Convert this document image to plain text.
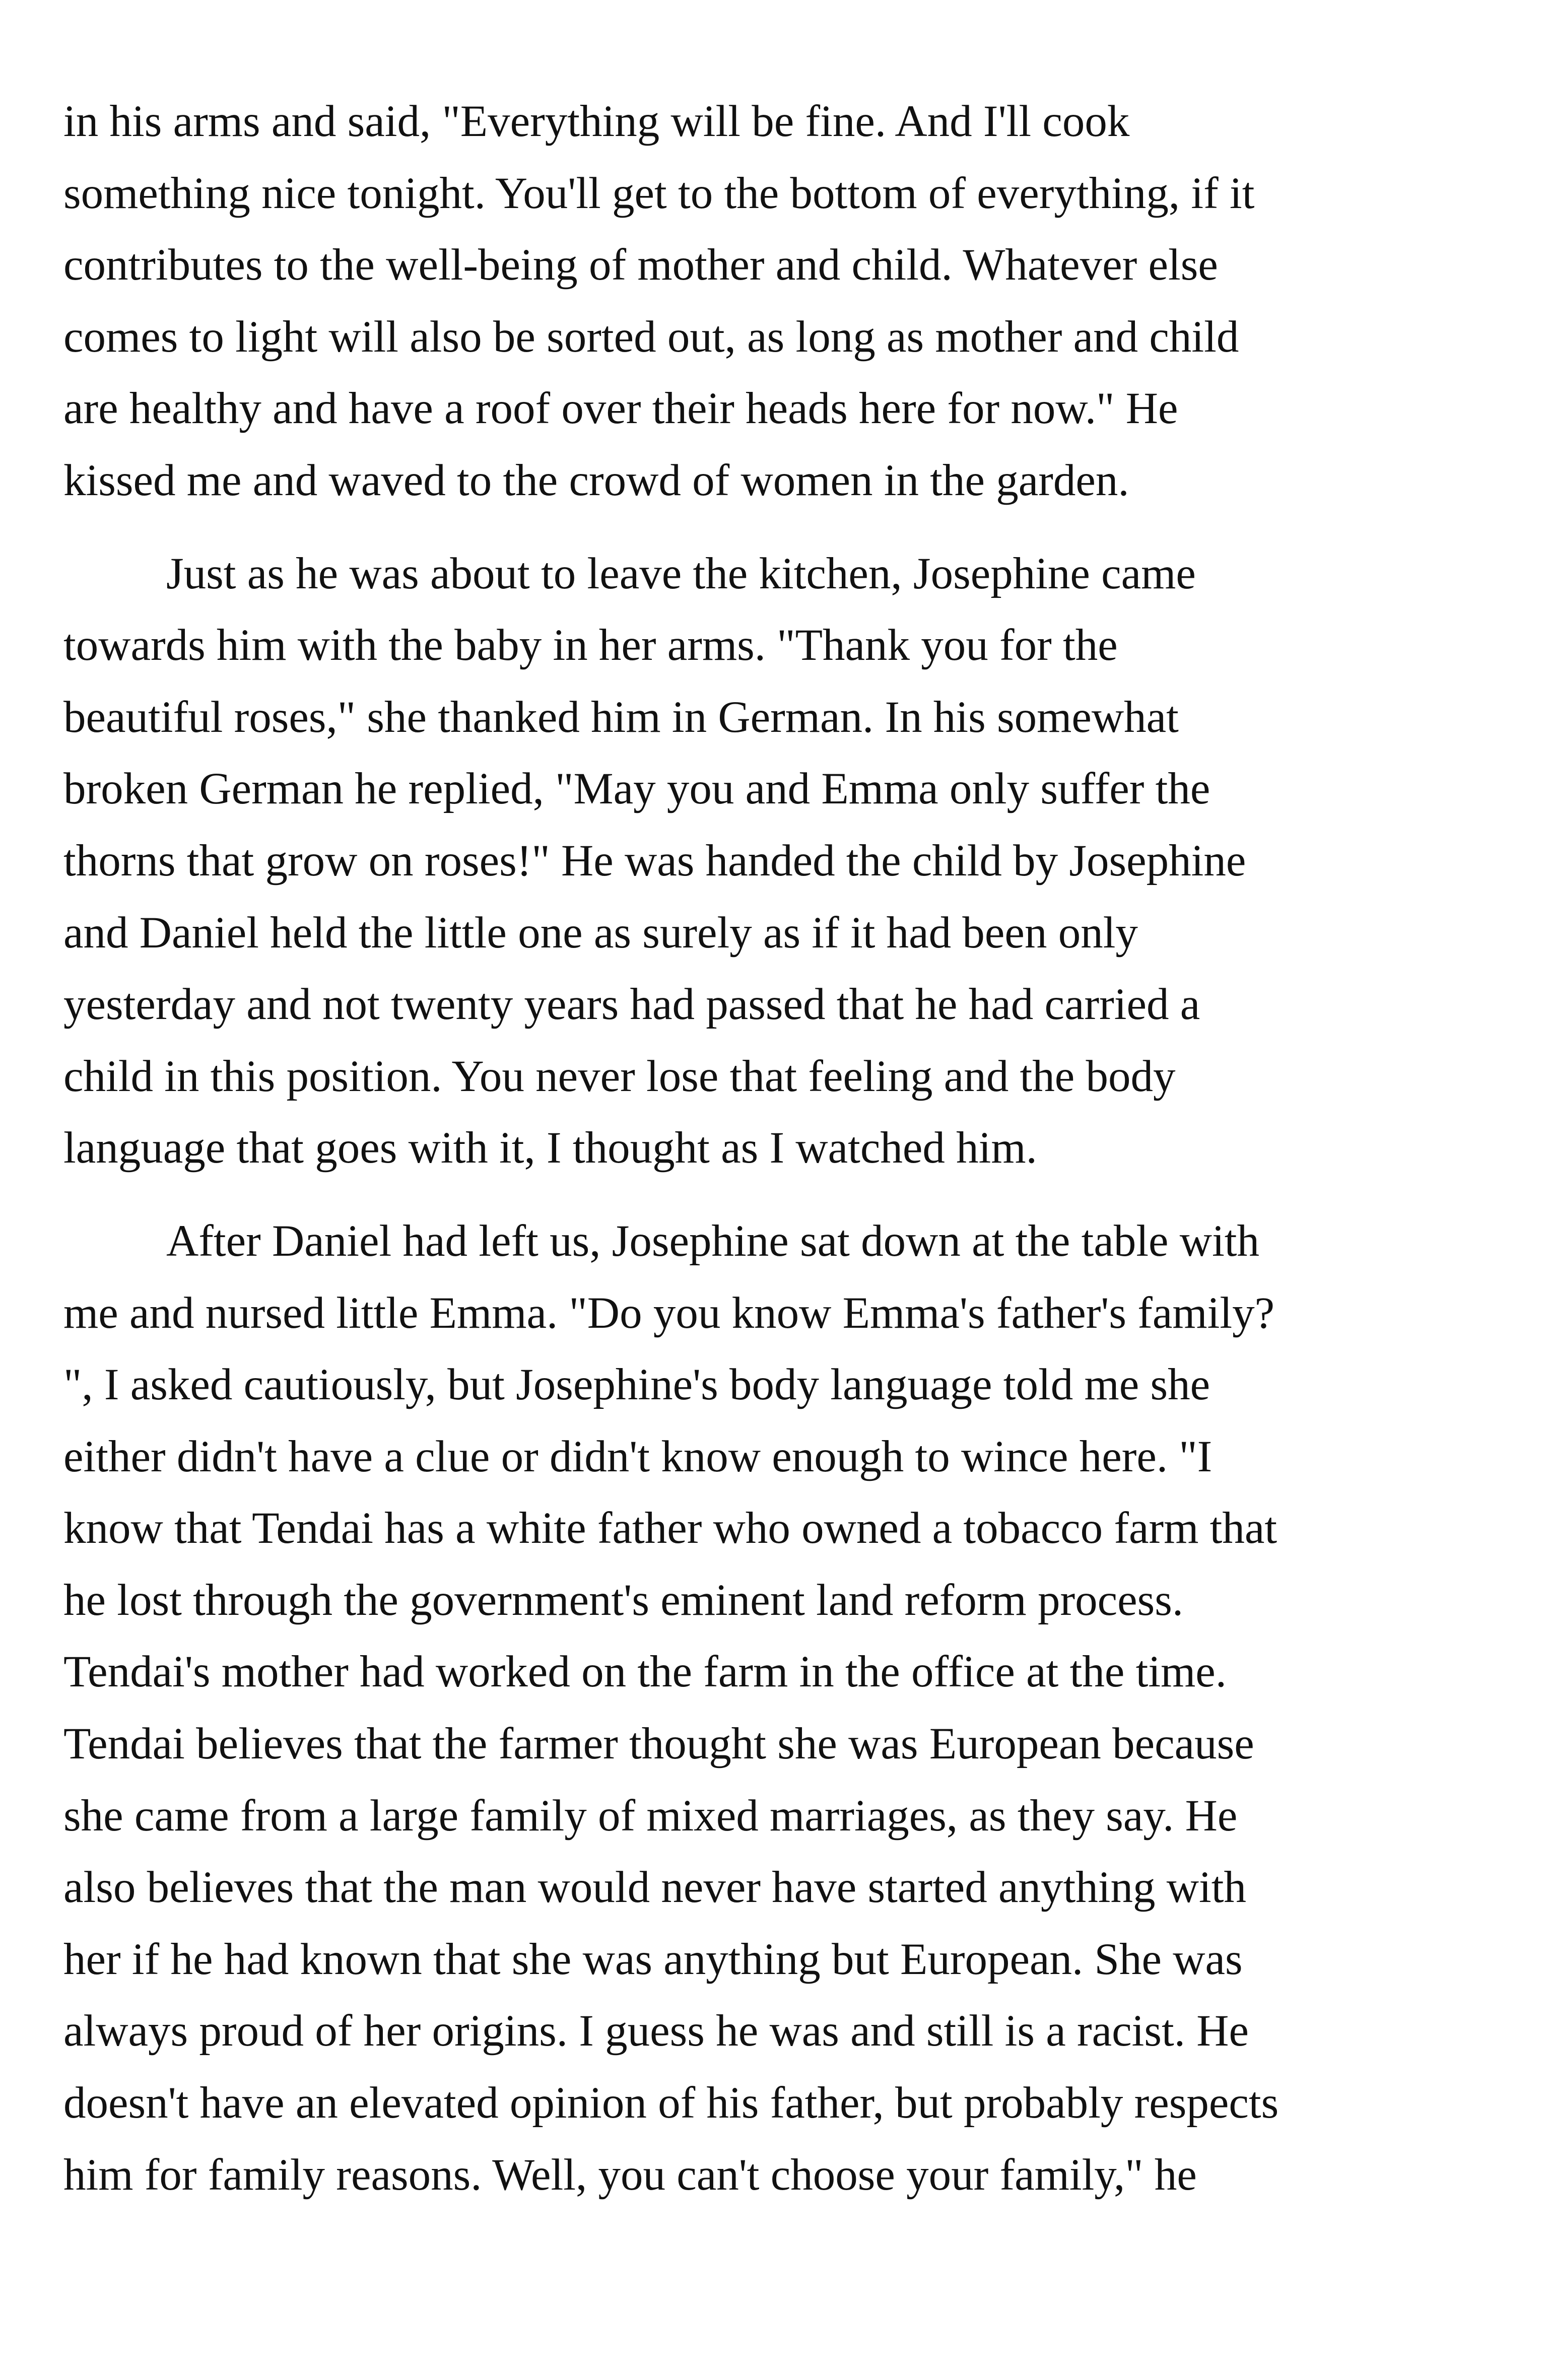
in his arms and said, "Everything will be fine. And I'll cook
something nice tonight. You'll get to the bottom of everything, if it
contributes to the well-being of mother and child. Whatever else
comes to light will also be sorted out, as long as mother and child
are healthy and have a roof over their heads here for now." He
kissed me and waved to the crowd of women in the garden.

Just as he was about to leave the kitchen, Josephine came
towards him with the baby in her arms. "Thank you for the
beautiful roses," she thanked him in German. In his somewhat
broken German he replied, "May you and Emma only suffer the
thorns that grow on roses!" He was handed the child by Josephine
and Daniel held the little one as surely as if it had been only
yesterday and not twenty years had passed that he had carried a
child in this position. You never lose that feeling and the body
language that goes with it, I thought as I watched him.

After Daniel had left us, Josephine sat down at the table with
me and nursed little Emma. "Do you know Emma's father's family?
", I asked cautiously, but Josephine's body language told me she
either didn't have a clue or didn't know enough to wince here. "I
know that Tendai has a white father who owned a tobacco farm that
he lost through the government's eminent land reform process.
Tendai's mother had worked on the farm in the office at the time.
Tendai believes that the farmer thought she was European because
she came from a large family of mixed marriages, as they say. He
also believes that the man would never have started anything with
her if he had known that she was anything but European. She was
always proud of her origins. I guess he was and still is a racist. He
doesn't have an elevated opinion of his father, but probably respects
him for family reasons. Well, you can't choose your family," he
